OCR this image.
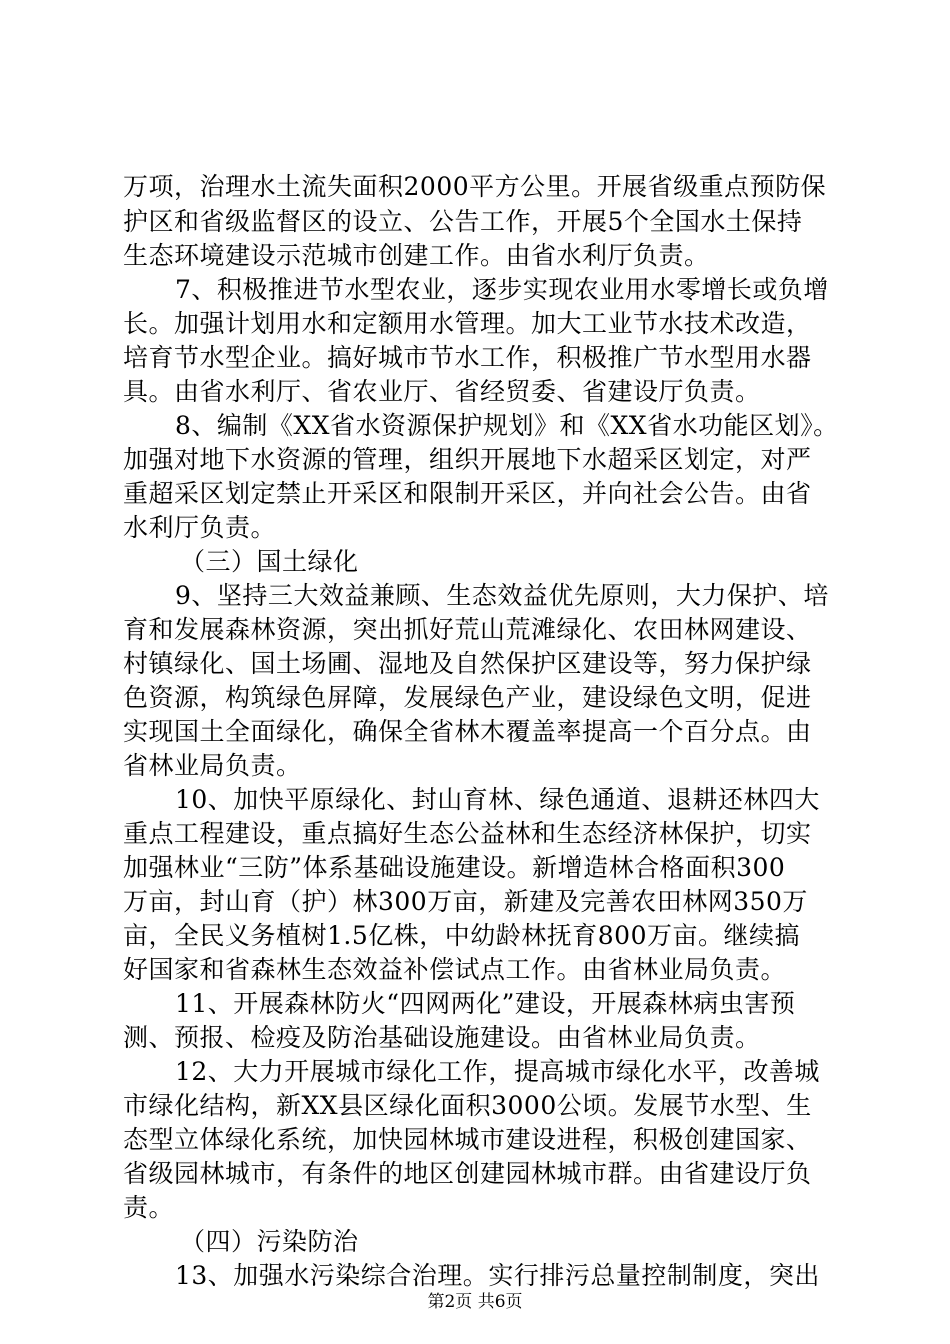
万项，治理水土流失面积2000平方公里。开展省级重点预防保
护区和省级监督区的设立、公告工作，开展5个全国水土保持
生态环境建设示范城市创建工作。由省水利厅负责。
7、积极推进节水型农业，逐步实现农业用水零增长或负增
长。加强计划用水和定额用水管理。加大工业节水技术改造，
培育节水型企业。搞好城市节水工作，积极推广节水型用水器
具。由省水利厅、省农业厅、省经贸委、省建设厅负责。
8、编制《XX省水资源保护规划》和《XX省水功能区划》。
加强对地下水资源的管理，组织开展地下水超采区划定，对严
重超采区划定禁止开采区和限制开采区，并向社会公告。由省
水利厅负责。
（三）国土绿化
9、坚持三大效益兼顾、生态效益优先原则，大力保护、培
育和发展森林资源，突出抓好荒山荒滩绿化、农田林网建设、
村镇绿化、国土场圃、湿地及自然保护区建设等，努力保护绿
色资源，构筑绿色屏障，发展绿色产业，建设绿色文明，促进
实现国土全面绿化，确保全省林木覆盖率提高一个百分点。由
省林业局负责。
10、加快平原绿化、封山育林、绿色通道、退耕还林四大
重点工程建设，重点搞好生态公益林和生态经济林保护，切实
加强林业“三防”体系基础设施建设。新增造林合格面积300
万亩，封山育（护）林300万亩，新建及完善农田林网350万
亩，全民义务植树1.5亿株，中幼龄林抚育800万亩。继续搞
好国家和省森林生态效益补偿试点工作。由省林业局负责。
11、开展森林防火“四网两化”建设，开展森林病虫害预
测、预报、检疫及防治基础设施建设。由省林业局负责。
12、大力开展城市绿化工作，提高城市绿化水平，改善城
市绿化结构，新XX县区绿化面积3000公顷。发展节水型、生
态型立体绿化系统，加快园林城市建设进程，积极创建国家、
省级园林城市，有条件的地区创建园林城市群。由省建设厅负
责。
（四）污染防治
13、加强水污染综合治理。实行排污总量控制制度，突出
第2页 共6页
